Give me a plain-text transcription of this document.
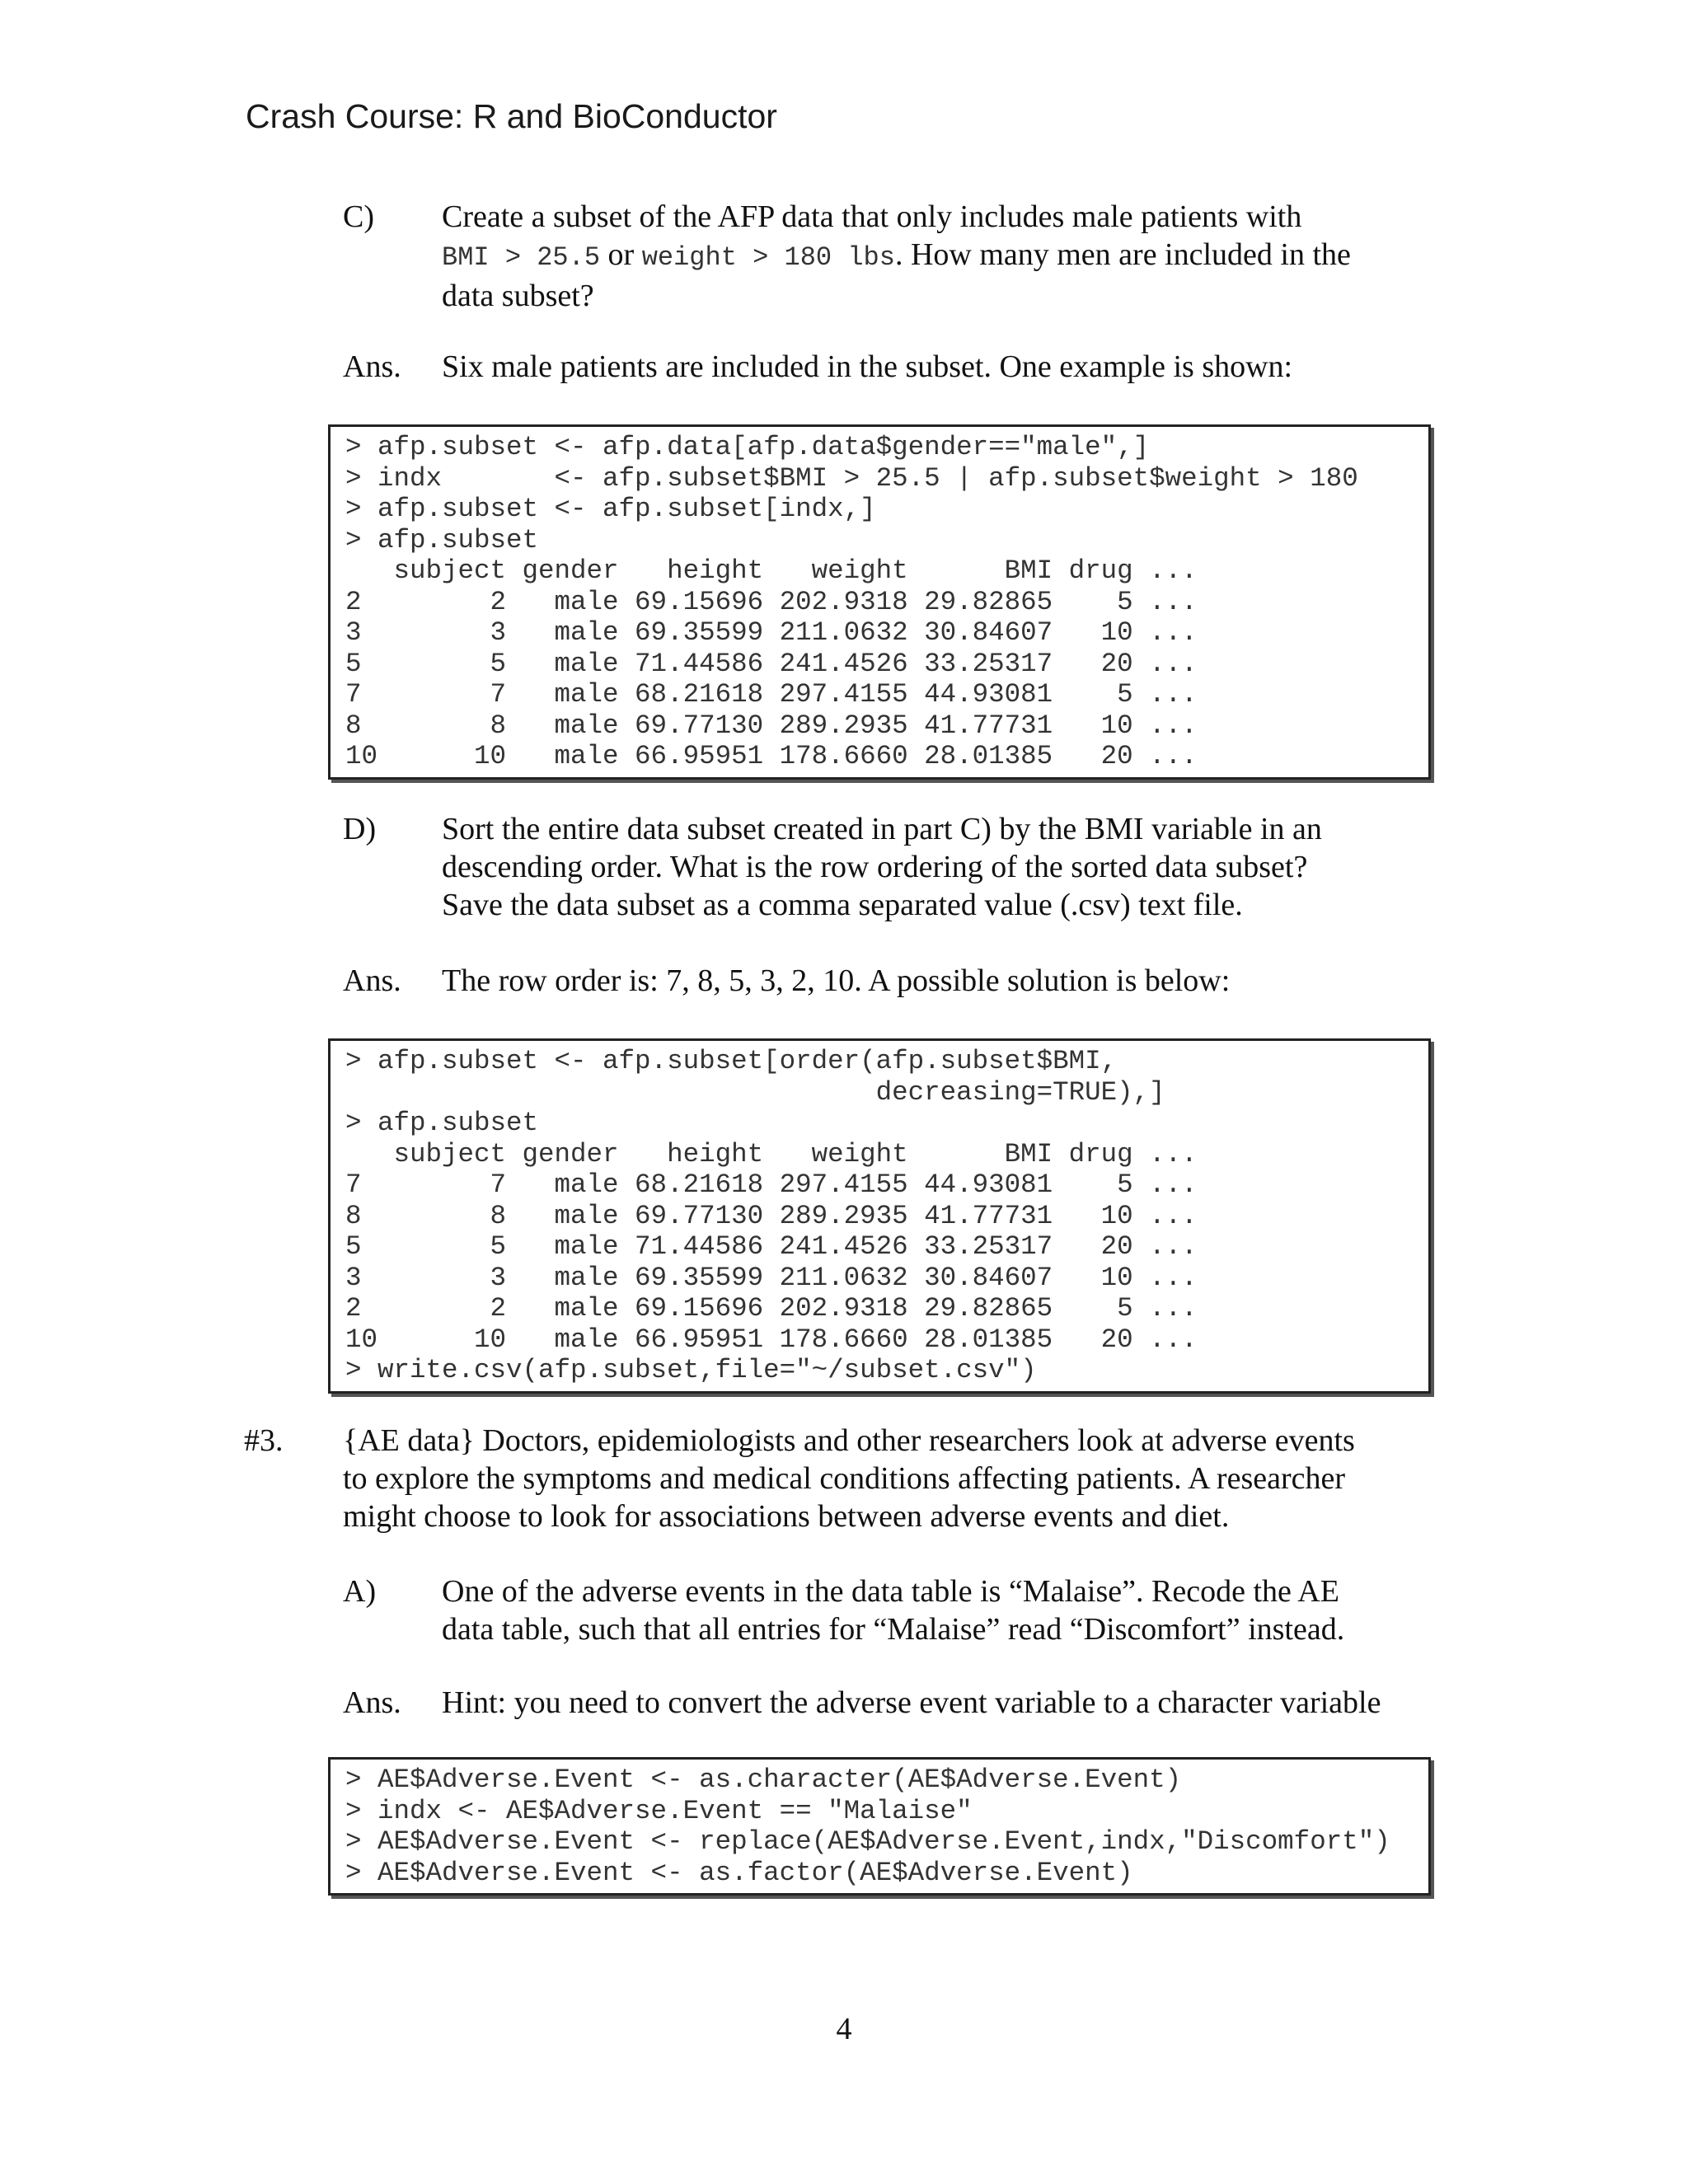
Crash Course: R and BioConductor
C) Create a subset of the AFP data that only includes male patients with
BMI > 25.5 or weight > 180 lbs. How many men are included in the
data subset?
Ans. Six male patients are included in the subset. One example is shown:
> afp.subset <- afp.data[afp.data$gender=="male",]
> indx       <- afp.subset$BMI > 25.5 | afp.subset$weight > 180
> afp.subset <- afp.subset[indx,]
> afp.subset
subject gender   height   weight      BMI drug ...
2        2   male 69.15696 202.9318 29.82865    5 ...
3        3   male 69.35599 211.0632 30.84607   10 ...
5        5   male 71.44586 241.4526 33.25317   20 ...
7        7   male 68.21618 297.4155 44.93081    5 ...
8        8   male 69.77130 289.2935 41.77731   10 ...
10      10   male 66.95951 178.6660 28.01385   20 ...
D) Sort the entire data subset created in part C) by the BMI variable in an
descending order. What is the row ordering of the sorted data subset?
Save the data subset as a comma separated value (.csv) text file.
Ans. The row order is: 7, 8, 5, 3, 2, 10. A possible solution is below:
> afp.subset <- afp.subset[order(afp.subset$BMI,
decreasing=TRUE),]
> afp.subset
subject gender   height   weight      BMI drug ...
7        7   male 68.21618 297.4155 44.93081    5 ...
8        8   male 69.77130 289.2935 41.77731   10 ...
5        5   male 71.44586 241.4526 33.25317   20 ...
3        3   male 69.35599 211.0632 30.84607   10 ...
2        2   male 69.15696 202.9318 29.82865    5 ...
10      10   male 66.95951 178.6660 28.01385   20 ...
> write.csv(afp.subset,file="~/subset.csv")
#3. {AE data} Doctors, epidemiologists and other researchers look at adverse events
to explore the symptoms and medical conditions affecting patients. A researcher
might choose to look for associations between adverse events and diet.
A) One of the adverse events in the data table is “Malaise”. Recode the AE
data table, such that all entries for “Malaise” read “Discomfort” instead.
Ans. Hint: you need to convert the adverse event variable to a character variable
> AE$Adverse.Event <- as.character(AE$Adverse.Event)
> indx <- AE$Adverse.Event == "Malaise"
> AE$Adverse.Event <- replace(AE$Adverse.Event,indx,"Discomfort")
> AE$Adverse.Event <- as.factor(AE$Adverse.Event)
4
